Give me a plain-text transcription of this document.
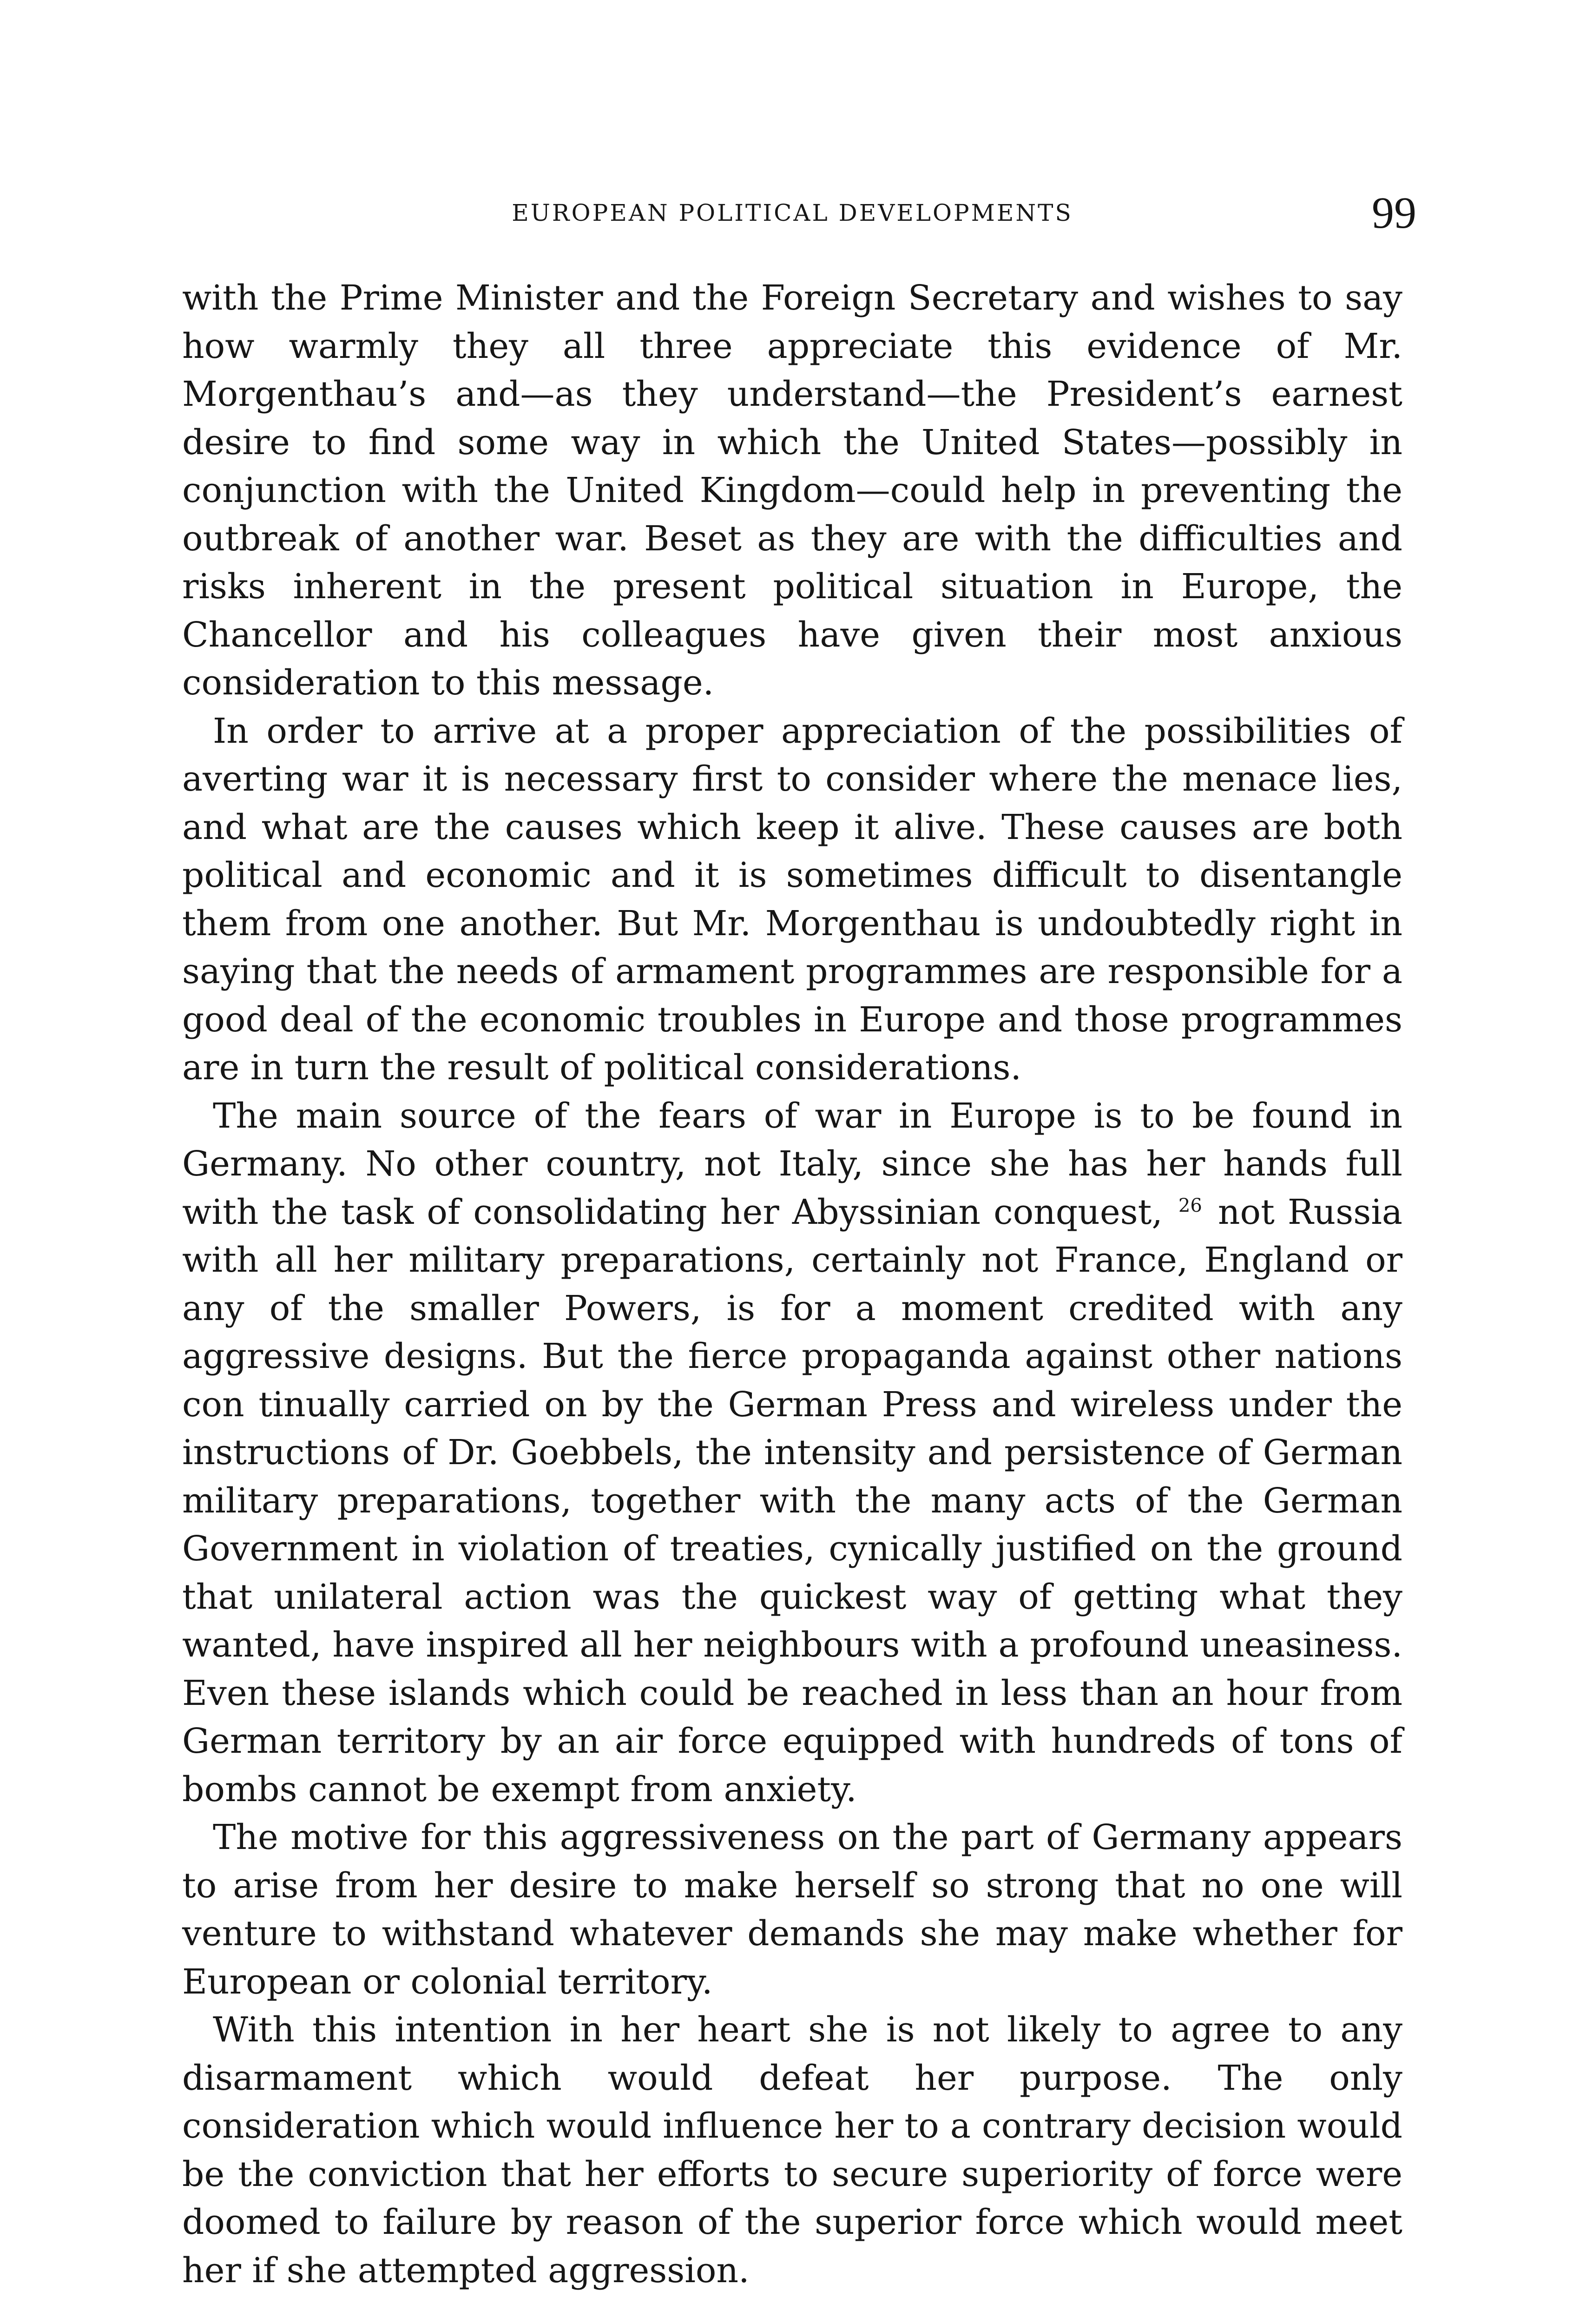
EUROPEAN POLITICAL DEVELOPMENTS	99

with the Prime Minister and the Foreign Secretary and wishes to say how warmly they all three appreciate this evidence of Mr. Morgenthau’s and—as they understand—the President’s earnest desire to find some way in which the United States—possibly in conjunction with the United Kingdom—could help in preventing the outbreak of another war. Beset as they are with the difficulties and risks inherent in the present political situation in Europe, the Chancellor and his colleagues have given their most anxious consideration to this message.

In order to arrive at a proper appreciation of the possibilities of averting war it is necessary first to consider where the menace lies, and what are the causes which keep it alive. These causes are both political and economic and it is sometimes difficult to disentangle them from one another. But Mr. Morgenthau is undoubtedly right in saying that the needs of armament programmes are responsible for a good deal of the economic troubles in Europe and those programmes are in turn the result of political considerations.

The main source of the fears of war in Europe is to be found in Germany. No other country, not Italy, since she has her hands full with the task of consolidating her Abyssinian conquest, $^{26}$ not Russia with all her military preparations, certainly not France, England or any of the smaller Powers, is for a moment credited with any aggressive designs. But the fierce propaganda against other nations con tinually carried on by the German Press and wireless under the instructions of Dr. Goebbels, the intensity and persistence of German military preparations, together with the many acts of the German Government in violation of treaties, cynically justified on the ground that unilateral action was the quickest way of getting what they wanted, have inspired all her neighbours with a profound uneasiness. Even these islands which could be reached in less than an hour from German territory by an air force equipped with hundreds of tons of bombs cannot be exempt from anxiety.

The motive for this aggressiveness on the part of Germany appears to arise from her desire to make herself so strong that no one will venture to withstand whatever demands she may make whether for European or colonial territory.

With this intention in her heart she is not likely to agree to any disarmament which would defeat her purpose. The only consideration which would influence her to a contrary decision would be the conviction that her efforts to secure superiority of force were doomed to failure by reason of the superior force which would meet her if she attempted aggression.
